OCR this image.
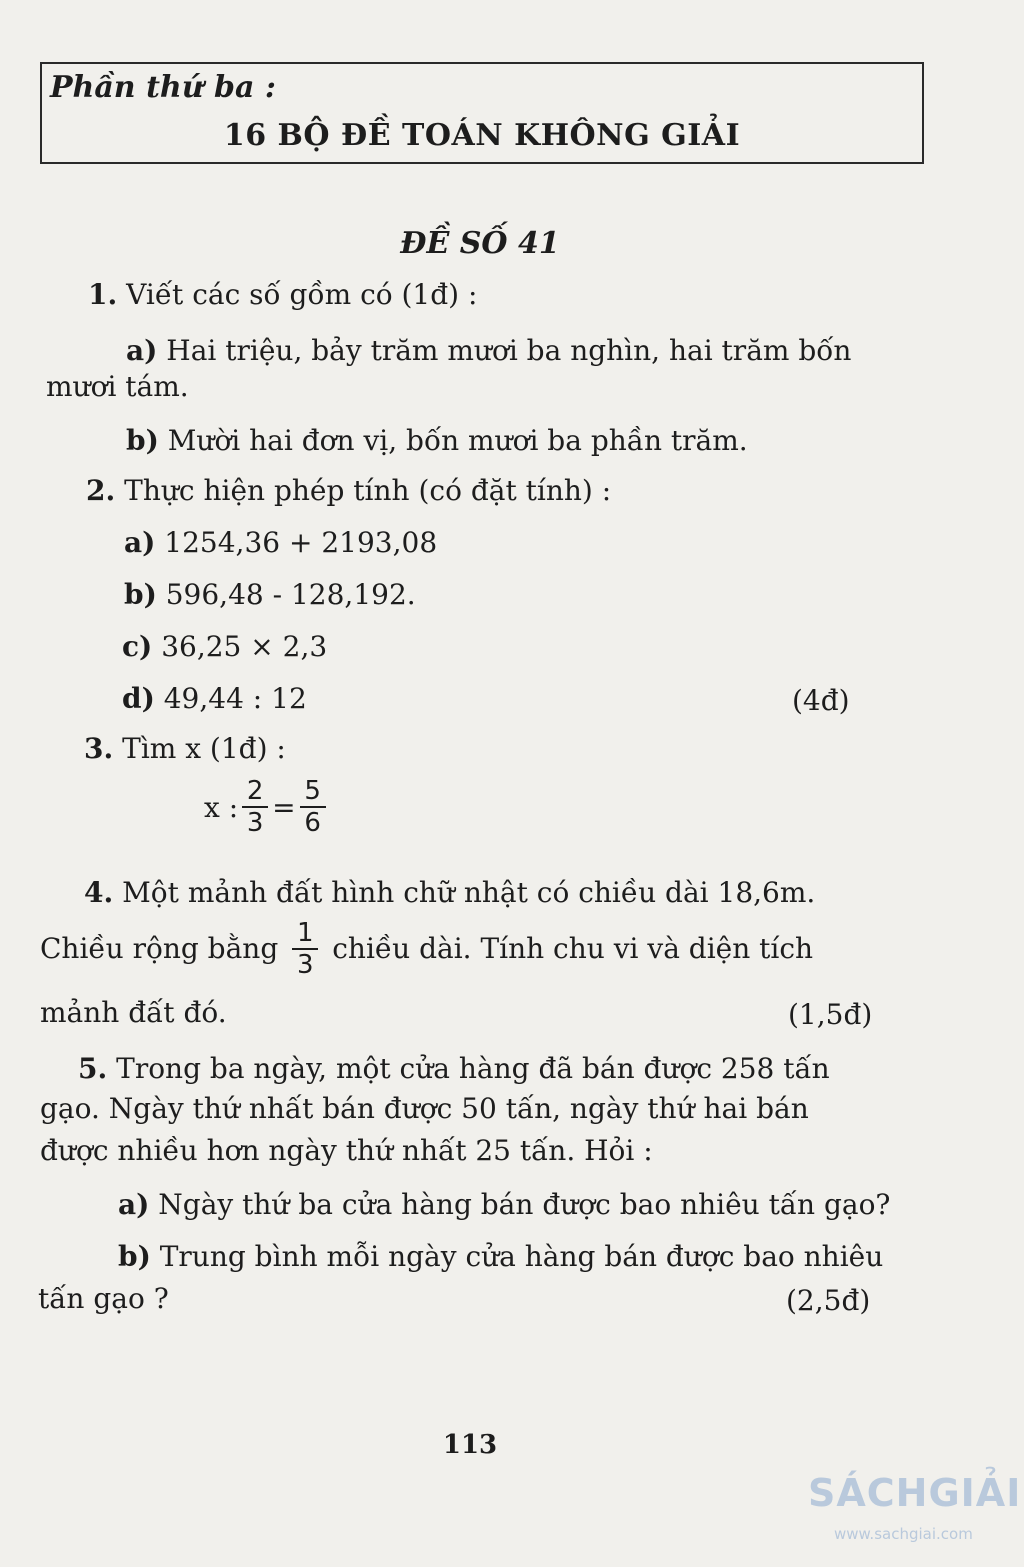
Phần thứ ba :
16 BỘ ĐỀ TOÁN KHÔNG GIẢI
ĐỀ SỐ 41
1. Viết các số gồm có (1đ) :
a) Hai triệu, bảy trăm mươi ba nghìn, hai trăm bốn
mươi tám.
b) Mười hai đơn vị, bốn mươi ba phần trăm.
2. Thực hiện phép tính (có đặt tính) :
a) 1254,36 + 2193,08
b) 596,48 - 128,192.
c) 36,25 × 2,3
d) 49,44 : 12	(4đ)
3. Tìm x (1đ) :
x : $\frac{2}{3} = \frac{5}{6}$
4. Một mảnh đất hình chữ nhật có chiều dài 18,6m.
Chiều rộng bằng $\frac{1}{3}$ chiều dài. Tính chu vi và diện tích
mảnh đất đó.	(1,5đ)
5. Trong ba ngày, một cửa hàng đã bán được 258 tấn
gạo. Ngày thứ nhất bán được 50 tấn, ngày thứ hai bán
được nhiều hơn ngày thứ nhất 25 tấn. Hỏi :
a) Ngày thứ ba cửa hàng bán được bao nhiêu tấn gạo?
b) Trung bình mỗi ngày cửa hàng bán được bao nhiêu
tấn gạo ?	(2,5đ)
113
SÁCHGIẢI
www.sachgiai.com
